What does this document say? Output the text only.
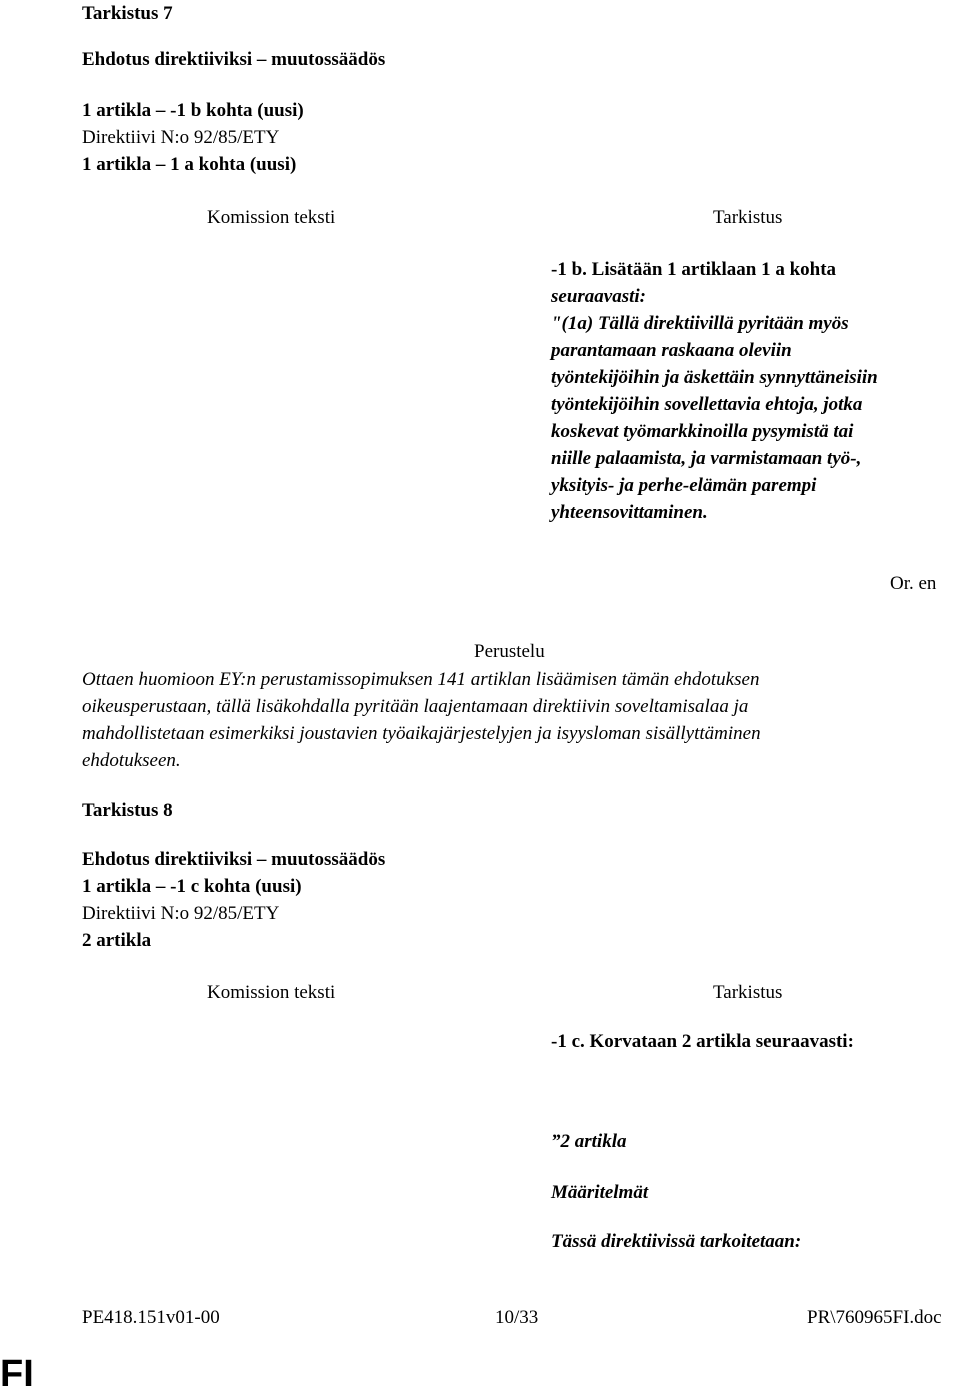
Tarkistus 7
Ehdotus direktiiviksi – muutossäädös
1 artikla – -1 b kohta (uusi)
Direktiivi N:o 92/85/ETY
1 artikla – 1 a kohta (uusi)
Komission teksti	Tarkistus
-1 b. Lisätään 1 artiklaan 1 a kohta
seuraavasti:
"(1a) Tällä direktiivillä pyritään myös
parantamaan raskaana oleviin
työntekijöihin ja äskettäin synnyttäneisiin
työntekijöihin sovellettavia ehtoja, jotka
koskevat työmarkkinoilla pysymistä tai
niille palaamista, ja varmistamaan työ-,
yksityis- ja perhe-elämän parempi
yhteensovittaminen.
Or. en
Perustelu
Ottaen huomioon EY:n perustamissopimuksen 141 artiklan lisäämisen tämän ehdotuksen
oikeusperustaan, tällä lisäkohdalla pyritään laajentamaan direktiivin soveltamisalaa ja
mahdollistetaan esimerkiksi joustavien työaikajärjestelyjen ja isyysloman sisällyttäminen
ehdotukseen.
Tarkistus 8
Ehdotus direktiiviksi – muutossäädös
1 artikla – -1 c kohta (uusi)
Direktiivi N:o 92/85/ETY
2 artikla
Komission teksti	Tarkistus
-1 c. Korvataan 2 artikla seuraavasti:
”2 artikla
Määritelmät
Tässä direktiivissä tarkoitetaan:
PE418.151v01-00	10/33	PR\760965FI.doc
FI
